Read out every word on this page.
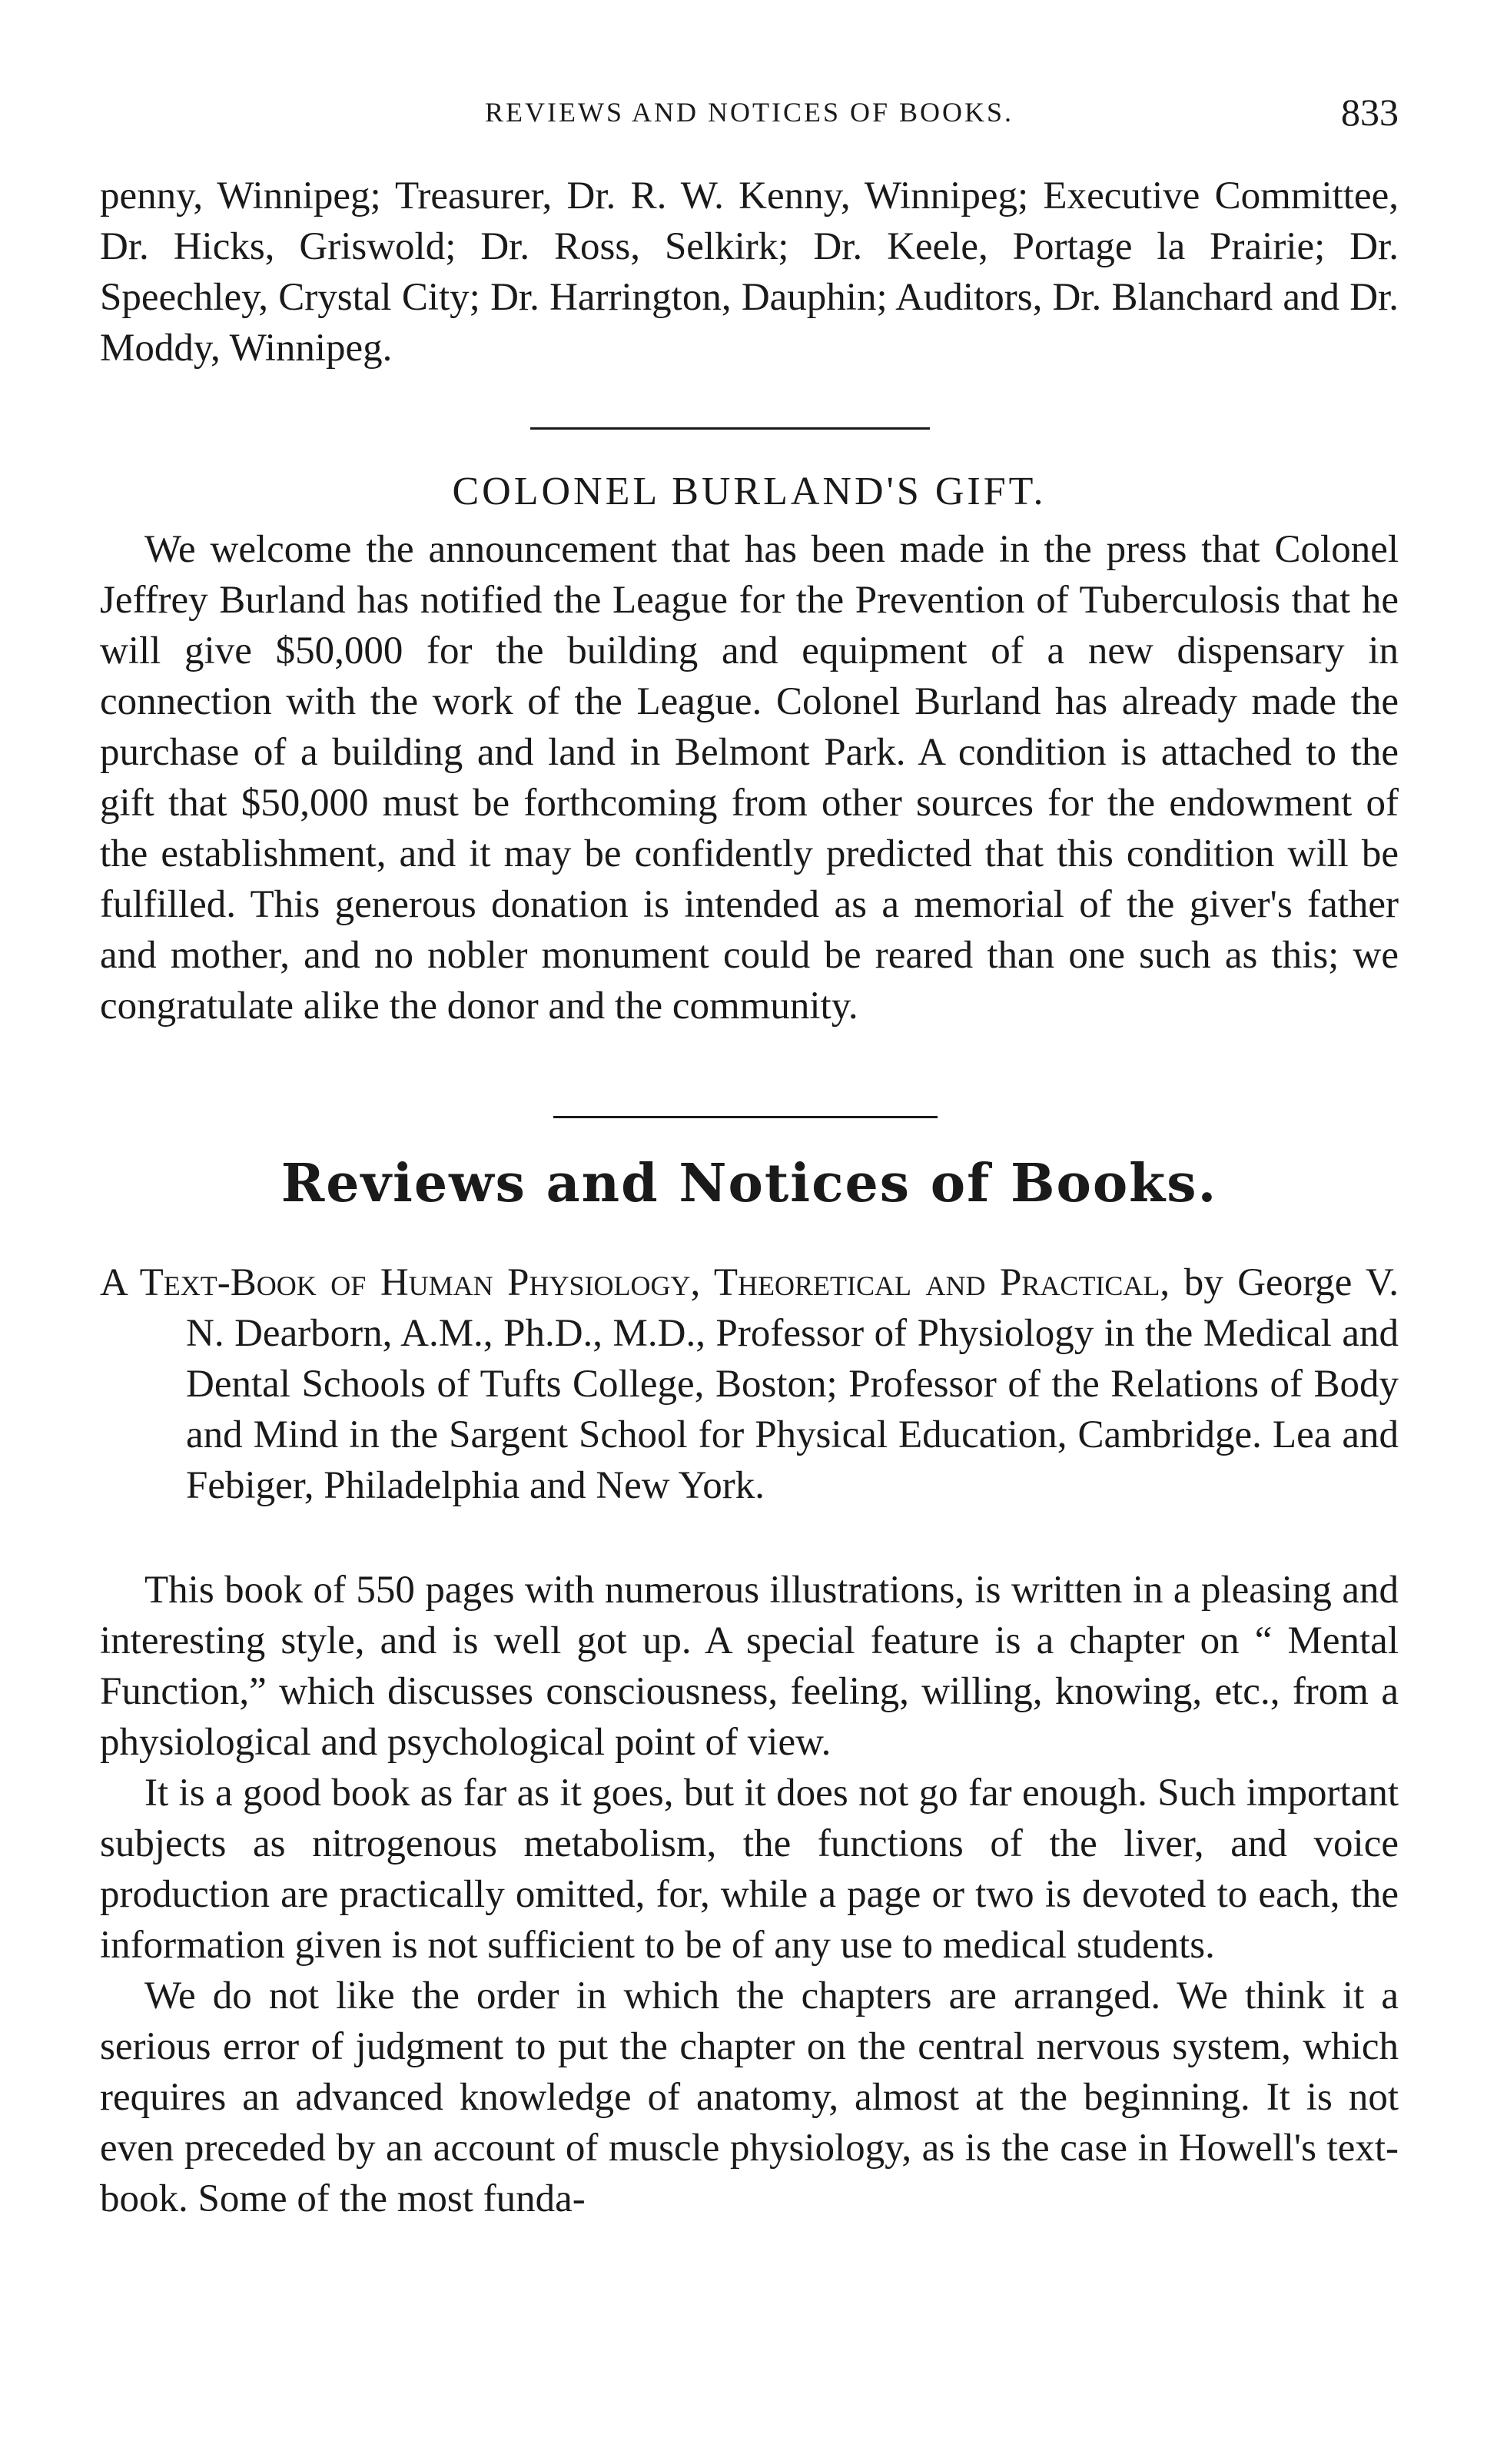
REVIEWS AND NOTICES OF BOOKS.	833

penny, Winnipeg; Treasurer, Dr. R. W. Kenny, Winnipeg; Executive Committee, Dr. Hicks, Griswold; Dr. Ross, Selkirk; Dr. Keele, Portage la Prairie; Dr. Speechley, Crystal City; Dr. Harrington, Dauphin; Auditors, Dr. Blanchard and Dr. Moddy, Winnipeg.

COLONEL BURLAND'S GIFT.

We welcome the announcement that has been made in the press that Colonel Jeffrey Burland has notified the League for the Prevention of Tuberculosis that he will give $50,000 for the building and equipment of a new dispensary in connection with the work of the League. Colonel Burland has already made the purchase of a building and land in Belmont Park. A condition is attached to the gift that $50,000 must be forthcoming from other sources for the endowment of the establishment, and it may be confidently predicted that this condition will be fulfilled. This generous donation is intended as a memorial of the giver's father and mother, and no nobler monument could be reared than one such as this; we congratulate alike the donor and the community.

Reviews and Notices of Books.
A Text-Book of Human Physiology, Theoretical and Practical, by George V. N. Dearborn, A.M., Ph.D., M.D., Professor of Physiology in the Medical and Dental Schools of Tufts College, Boston; Professor of the Relations of Body and Mind in the Sargent School for Physical Education, Cambridge. Lea and Febiger, Philadelphia and New York.

This book of 550 pages with numerous illustrations, is written in a pleasing and interesting style, and is well got up. A special feature is a chapter on “ Mental Function,” which discusses consciousness, feeling, willing, knowing, etc., from a physiological and psychological point of view.

It is a good book as far as it goes, but it does not go far enough. Such important subjects as nitrogenous metabolism, the functions of the liver, and voice production are practically omitted, for, while a page or two is devoted to each, the information given is not sufficient to be of any use to medical students.

We do not like the order in which the chapters are arranged. We think it a serious error of judgment to put the chapter on the central nervous system, which requires an advanced knowledge of anatomy, almost at the beginning. It is not even preceded by an account of muscle physiology, as is the case in Howell's text-book. Some of the most funda-
